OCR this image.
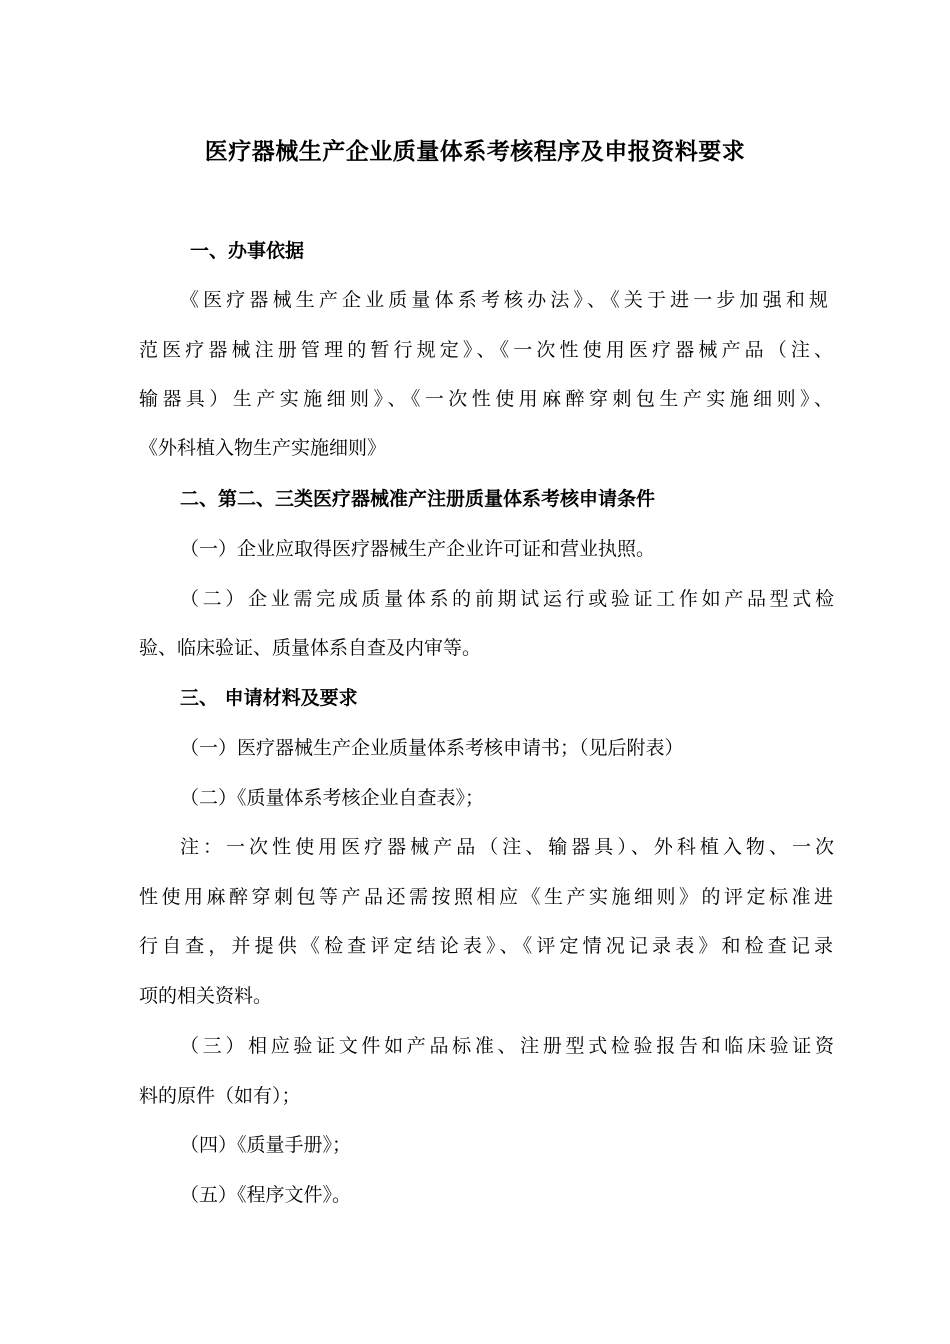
医疗器械生产企业质量体系考核程序及申报资料要求

一、办事依据

《医疗器械生产企业质量体系考核办法》、《关于进一步加强和规

范医疗器械注册管理的暂行规定》、《一次性使用医疗器械产品（注、

输器具）生产实施细则》、《一次性使用麻醉穿刺包生产实施细则》、

《外科植入物生产实施细则》

二、第二、三类医疗器械准产注册质量体系考核申请条件

（一）企业应取得医疗器械生产企业许可证和营业执照。

（二）企业需完成质量体系的前期试运行或验证工作如产品型式检

验、临床验证、质量体系自查及内审等。

三、 申请材料及要求

（一）医疗器械生产企业质量体系考核申请书；（见后附表）

（二）《质量体系考核企业自查表》；

注：一次性使用医疗器械产品（注、输器具）、外科植入物、一次

性使用麻醉穿刺包等产品还需按照相应《生产实施细则》的评定标准进

行自查，并提供《检查评定结论表》、《评定情况记录表》和检查记录

项的相关资料。

（三）相应验证文件如产品标准、注册型式检验报告和临床验证资

料的原件（如有）；

（四）《质量手册》；

（五）《程序文件》。
